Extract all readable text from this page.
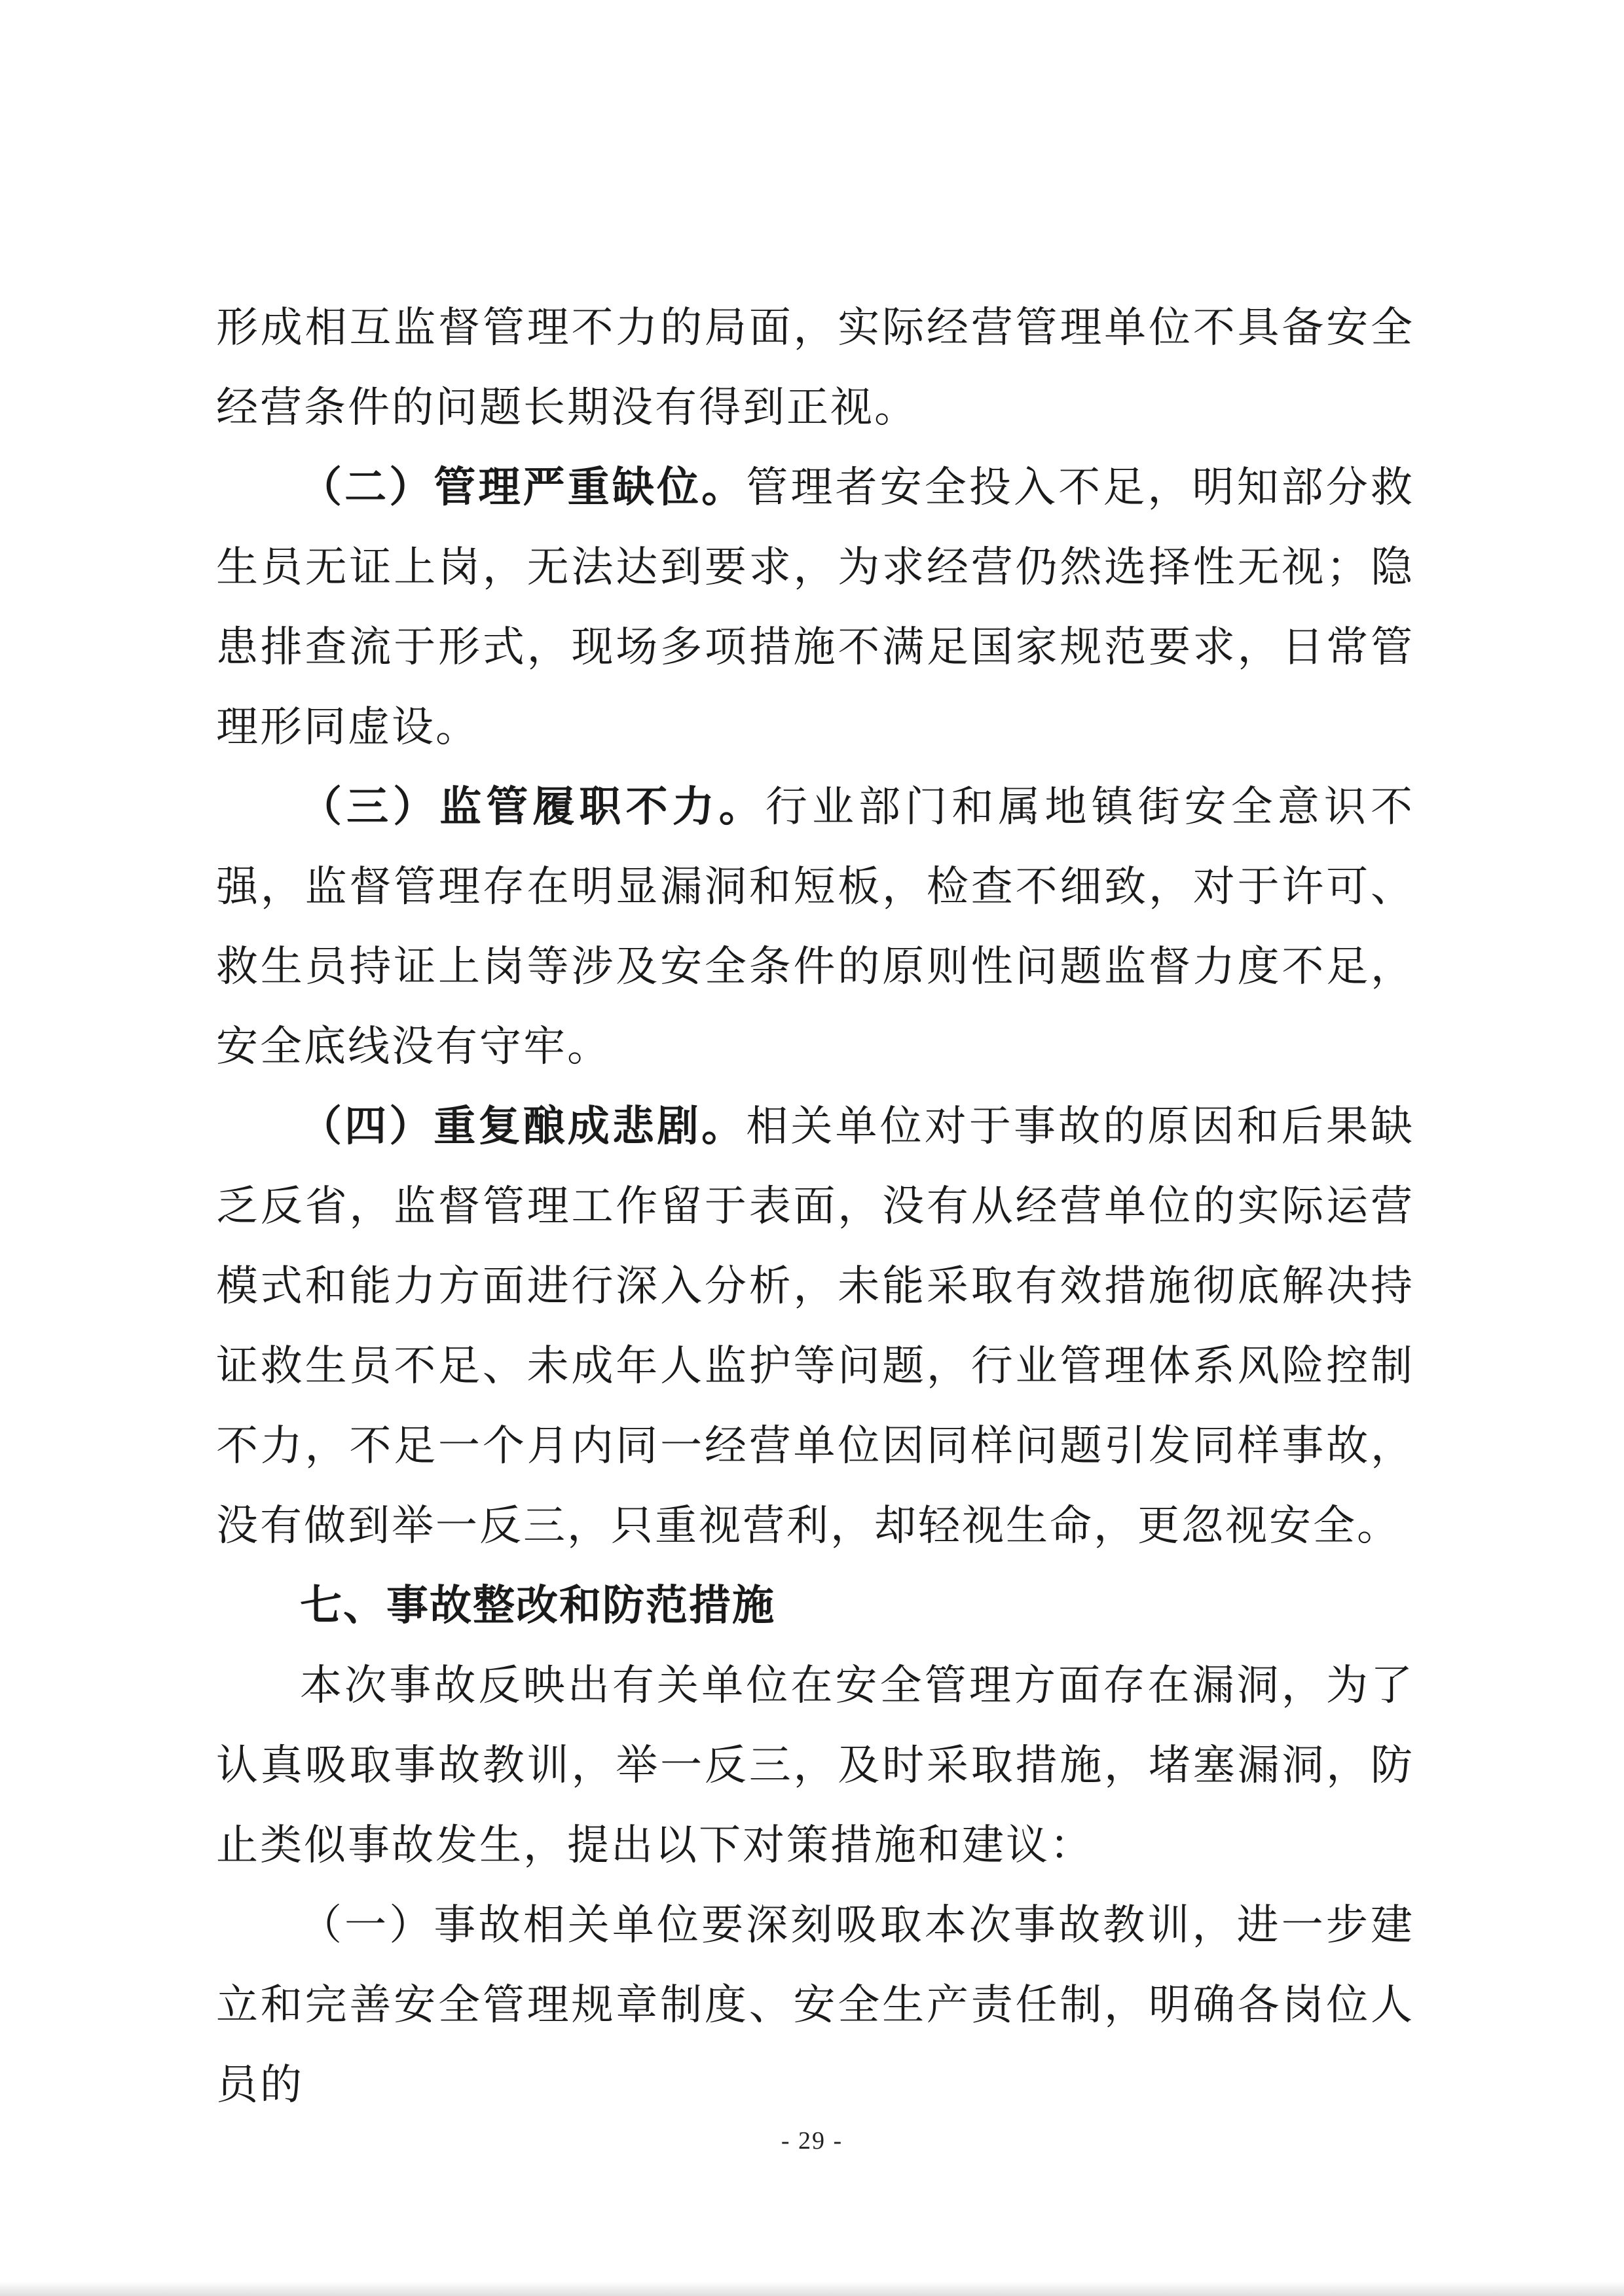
形成相互监督管理不力的局面，实际经营管理单位不具备安全经营条件的问题长期没有得到正视。

（二）管理严重缺位。管理者安全投入不足，明知部分救生员无证上岗，无法达到要求，为求经营仍然选择性无视；隐患排查流于形式，现场多项措施不满足国家规范要求，日常管理形同虚设。

（三）监管履职不力。行业部门和属地镇街安全意识不强，监督管理存在明显漏洞和短板，检查不细致，对于许可、救生员持证上岗等涉及安全条件的原则性问题监督力度不足，安全底线没有守牢。

（四）重复酿成悲剧。相关单位对于事故的原因和后果缺乏反省，监督管理工作留于表面，没有从经营单位的实际运营模式和能力方面进行深入分析，未能采取有效措施彻底解决持证救生员不足、未成年人监护等问题，行业管理体系风险控制不力，不足一个月内同一经营单位因同样问题引发同样事故，没有做到举一反三，只重视营利，却轻视生命，更忽视安全。

七、事故整改和防范措施

本次事故反映出有关单位在安全管理方面存在漏洞，为了认真吸取事故教训，举一反三，及时采取措施，堵塞漏洞，防止类似事故发生，提出以下对策措施和建议：

（一）事故相关单位要深刻吸取本次事故教训，进一步建立和完善安全管理规章制度、安全生产责任制，明确各岗位人员的

- 29 -
